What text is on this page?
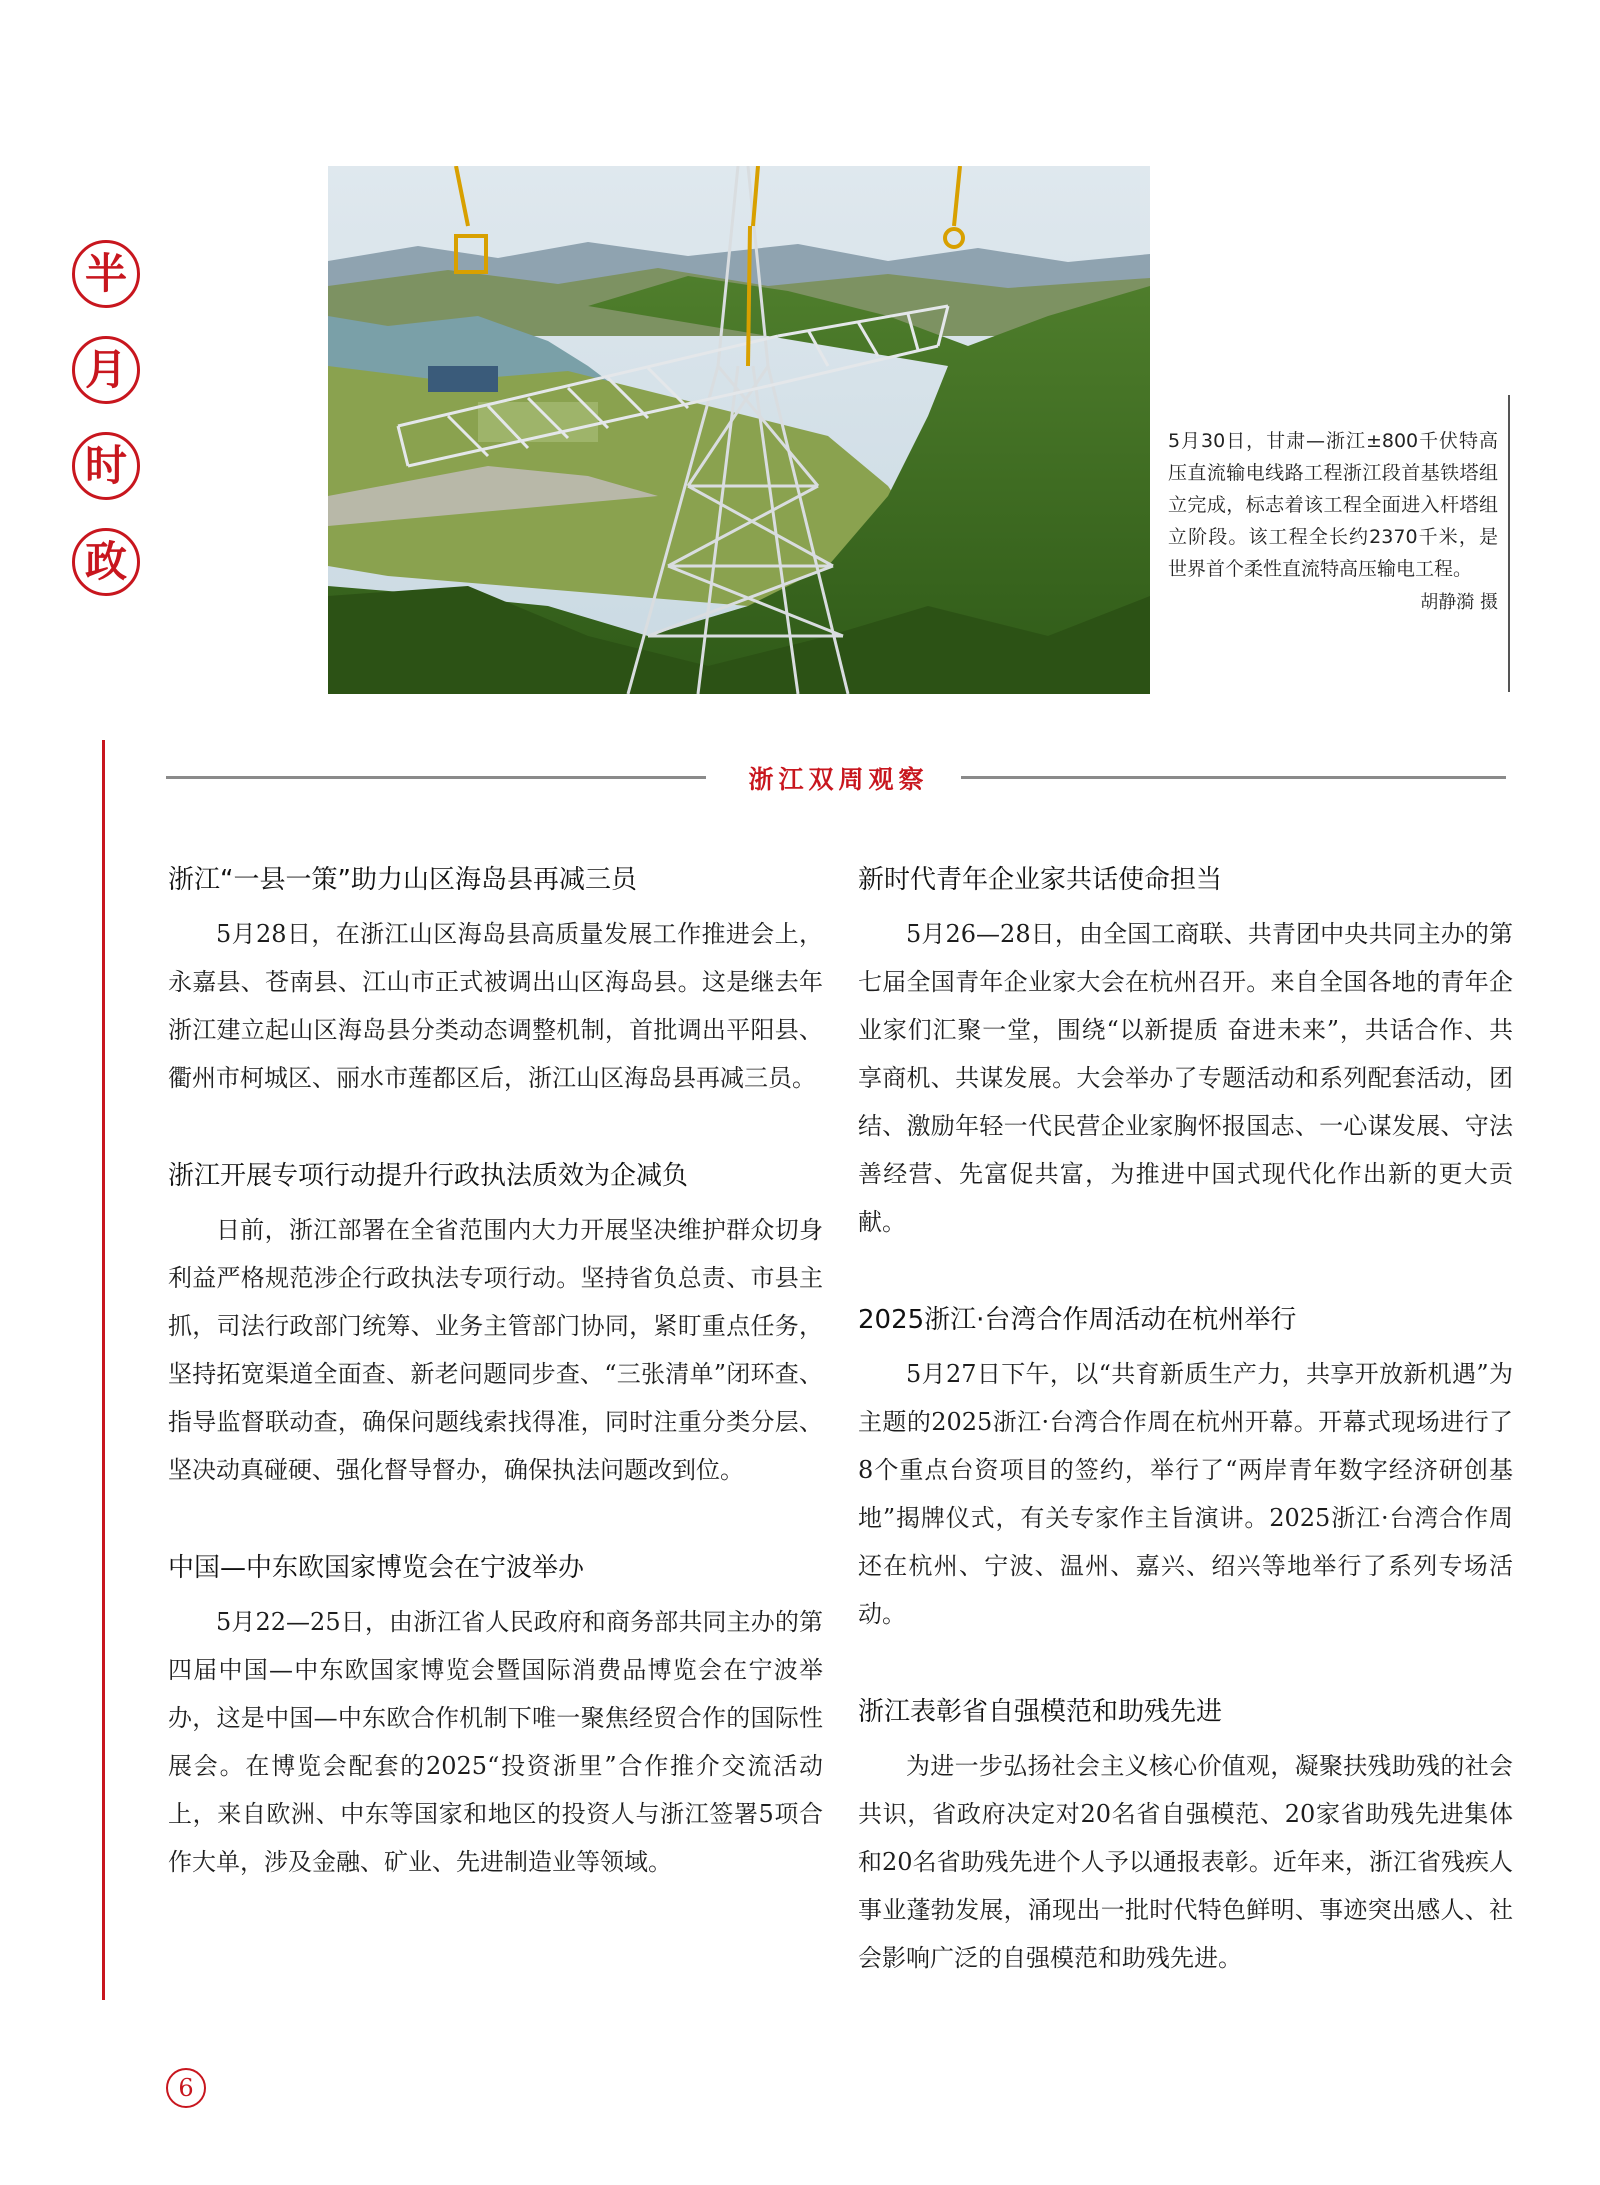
半
月
时
政
5月30日，甘肃—浙江±800千伏特高压直流输电线路工程浙江段首基铁塔组立完成，标志着该工程全面进入杆塔组立阶段。该工程全长约2370千米，是世界首个柔性直流特高压输电工程。
胡静漪 摄
浙江双周观察
浙江“一县一策”助力山区海岛县再减三员

5月28日，在浙江山区海岛县高质量发展工作推进会上，永嘉县、苍南县、江山市正式被调出山区海岛县。这是继去年浙江建立起山区海岛县分类动态调整机制，首批调出平阳县、衢州市柯城区、丽水市莲都区后，浙江山区海岛县再减三员。

浙江开展专项行动提升行政执法质效为企减负

日前，浙江部署在全省范围内大力开展坚决维护群众切身利益严格规范涉企行政执法专项行动。坚持省负总责、市县主抓，司法行政部门统筹、业务主管部门协同，紧盯重点任务，坚持拓宽渠道全面查、新老问题同步查、“三张清单”闭环查、指导监督联动查，确保问题线索找得准，同时注重分类分层、坚决动真碰硬、强化督导督办，确保执法问题改到位。

中国—中东欧国家博览会在宁波举办

5月22—25日，由浙江省人民政府和商务部共同主办的第四届中国—中东欧国家博览会暨国际消费品博览会在宁波举办，这是中国—中东欧合作机制下唯一聚焦经贸合作的国际性展会。在博览会配套的2025“投资浙里”合作推介交流活动上，来自欧洲、中东等国家和地区的投资人与浙江签署5项合作大单，涉及金融、矿业、先进制造业等领域。

新时代青年企业家共话使命担当

5月26—28日，由全国工商联、共青团中央共同主办的第七届全国青年企业家大会在杭州召开。来自全国各地的青年企业家们汇聚一堂，围绕“以新提质 奋进未来”，共话合作、共享商机、共谋发展。大会举办了专题活动和系列配套活动，团结、激励年轻一代民营企业家胸怀报国志、一心谋发展、守法善经营、先富促共富，为推进中国式现代化作出新的更大贡献。

2025浙江·台湾合作周活动在杭州举行

5月27日下午，以“共育新质生产力，共享开放新机遇”为主题的2025浙江·台湾合作周在杭州开幕。开幕式现场进行了8个重点台资项目的签约，举行了“两岸青年数字经济研创基地”揭牌仪式，有关专家作主旨演讲。2025浙江·台湾合作周还在杭州、宁波、温州、嘉兴、绍兴等地举行了系列专场活动。

浙江表彰省自强模范和助残先进

为进一步弘扬社会主义核心价值观，凝聚扶残助残的社会共识，省政府决定对20名省自强模范、20家省助残先进集体和20名省助残先进个人予以通报表彰。近年来，浙江省残疾人事业蓬勃发展，涌现出一批时代特色鲜明、事迹突出感人、社会影响广泛的自强模范和助残先进。

6
